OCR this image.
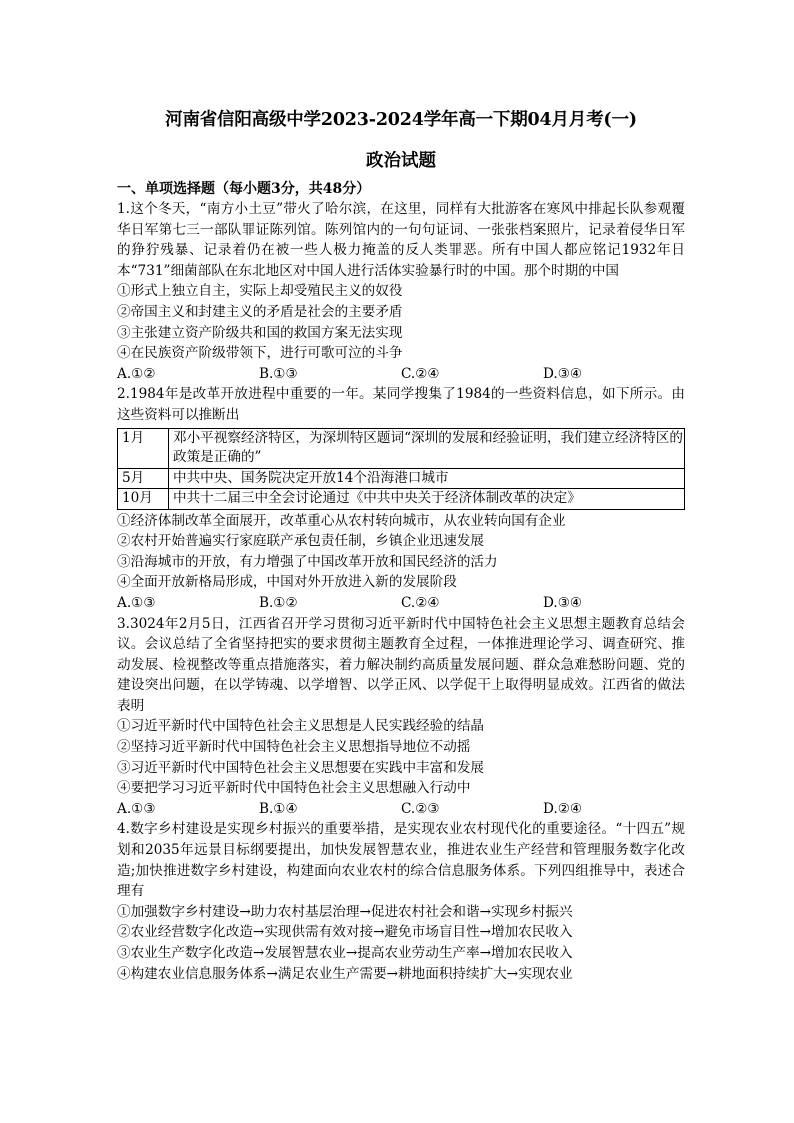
河南省信阳高级中学2023-2024学年高一下期04月月考(一)
政治试题
一、单项选择题（每小题3分，共48分）
1.这个冬天，“南方小土豆”带火了哈尔滨，在这里，同样有大批游客在寒风中排起长队参观覆华日军第七三一部队罪证陈列馆。陈列馆内的一句句证词、一张张档案照片，记录着侵华日军的狰狞残暴、记录着仍在被一些人极力掩盖的反人类罪恶。所有中国人都应铭记1932年日本“731”细菌部队在东北地区对中国人进行活体实验暴行时的中国。那个时期的中国
①形式上独立自主，实际上却受殖民主义的奴役
②帝国主义和封建主义的矛盾是社会的主要矛盾
③主张建立资产阶级共和国的救国方案无法实现
④在民族资产阶级带领下，进行可歌可泣的斗争
A.①②	B.①③	C.②④	D.③④
2.1984年是改革开放进程中重要的一年。某同学搜集了1984的一些资料信息，如下所示。由这些资料可以推断出
1月	邓小平视察经济特区，为深圳特区题词“深圳的发展和经验证明，我们建立经济特区的政策是正确的”
5月	中共中央、国务院决定开放14个沿海港口城市
10月	中共十二届三中全会讨论通过《中共中央关于经济体制改革的决定》
①经济体制改革全面展开，改革重心从农村转向城市，从农业转向国有企业
②农村开始普遍实行家庭联产承包责任制，乡镇企业迅速发展
③沿海城市的开放，有力增强了中国改革开放和国民经济的活力
④全面开放新格局形成，中国对外开放进入新的发展阶段
A.①③	B.①②	C.②④	D.③④
3.3024年2月5日，江西省召开学习贯彻习近平新时代中国特色社会主义思想主题教育总结会议。会议总结了全省坚持把实的要求贯彻主题教育全过程，一体推进理论学习、调查研究、推动发展、检视整改等重点措施落实，着力解决制约高质量发展问题、群众急难愁盼问题、党的建设突出问题，在以学铸魂、以学增智、以学正风、以学促干上取得明显成效。江西省的做法表明
①习近平新时代中国特色社会主义思想是人民实践经验的结晶
②坚持习近平新时代中国特色社会主义思想指导地位不动摇
③习近平新时代中国特色社会主义思想要在实践中丰富和发展
④要把学习习近平新时代中国特色社会主义思想融入行动中
A.①③	B.①④	C.②③	D.②④
4.数字乡村建设是实现乡村振兴的重要举措，是实现农业农村现代化的重要途径。“十四五”规划和2035年远景目标纲要提出，加快发展智慧农业，推进农业生产经营和管理服务数字化改造;加快推进数字乡村建设，构建面向农业农村的综合信息服务体系。下列四组推导中，表述合理有
①加强数字乡村建设→助力农村基层治理→促进农村社会和谐→实现乡村振兴
②农业经营数字化改造→实现供需有效对接→避免市场盲目性→增加农民收入
③农业生产数字化改造→发展智慧农业→提高农业劳动生产率→增加农民收入
④构建农业信息服务体系→满足农业生产需要→耕地面积持续扩大→实现农业
